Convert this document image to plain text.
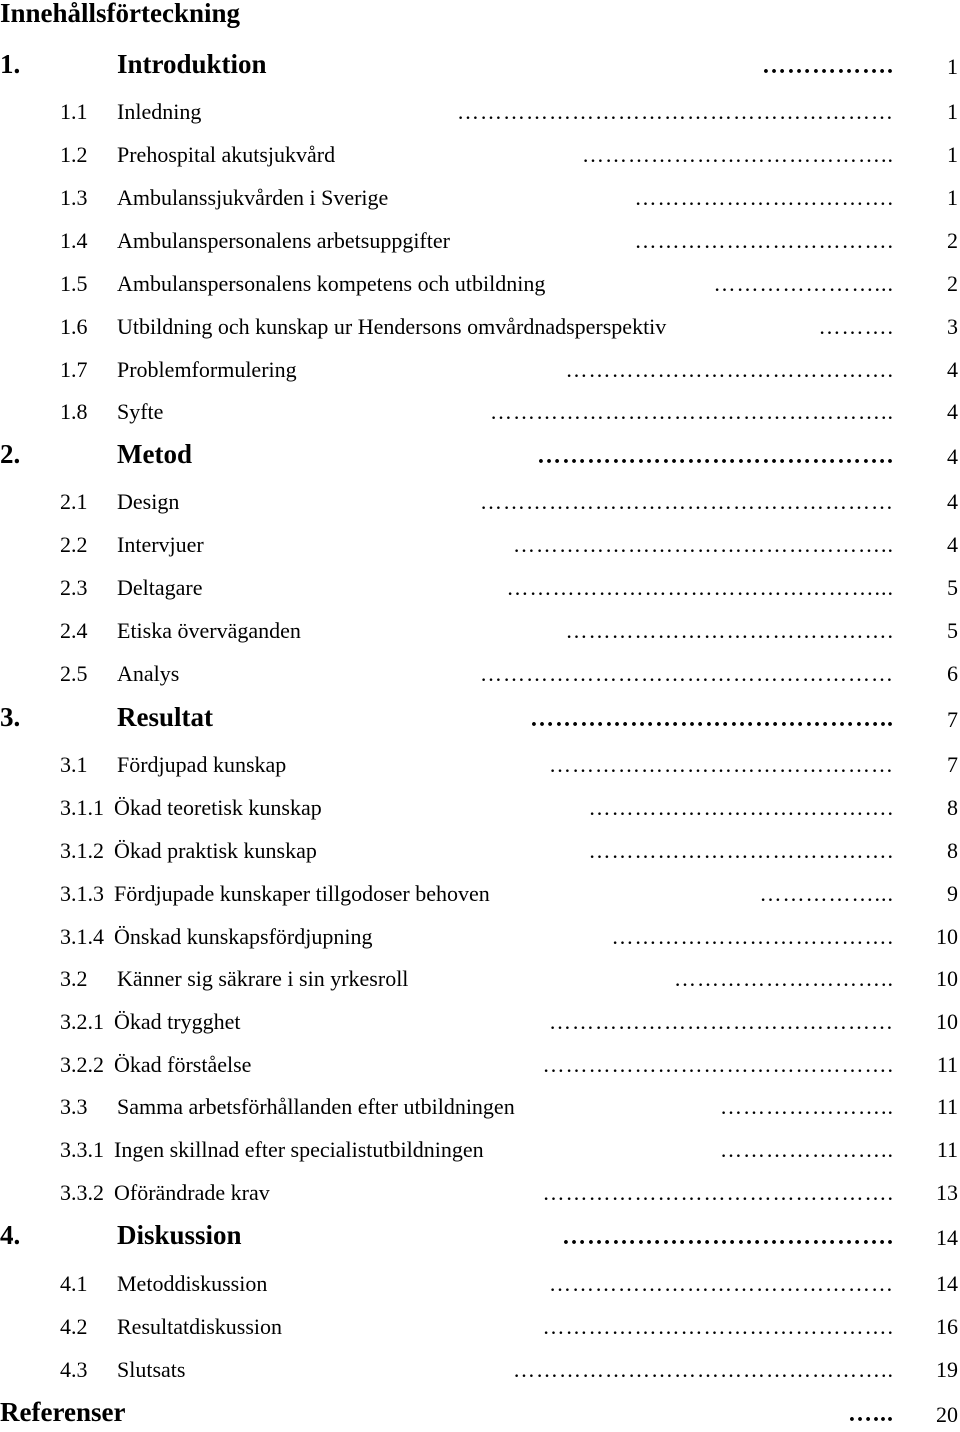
Innehållsförteckning
1.	Introduktion	……………. 1
1.1 Inledning	………………………………………………… 1
1.2 Prehospital akutsjukvård	………………………………….. 1
1.3 Ambulanssjukvården i Sverige	……………………………. 1
1.4 Ambulanspersonalens arbetsuppgifter	……………………………. 2
1.5 Ambulanspersonalens kompetens och utbildning	…………………... 2
1.6 Utbildning och kunskap ur Hendersons omvårdnadsperspektiv	………. 3
1.7 Problemformulering	……………………………………. 4
1.8 Syfte	…………………………………………….. 4
2.	Metod	……………………………………. 4
2.1 Design	……………………………………………… 4
2.2 Intervjuer	………………………………………….. 4
2.3 Deltagare	…………………………………………... 5
2.4 Etiska överväganden	……………………………………. 5
2.5 Analys	……………………………………………… 6
3.	Resultat	…………………………………….. 7
3.1 Fördjupad kunskap	……………………………………… 7
3.1.1 Ökad teoretisk kunskap	…………………………………. 8
3.1.2 Ökad praktisk kunskap	…………………………………. 8
3.1.3 Fördjupade kunskaper tillgodoser behoven	……………... 9
3.1.4 Önskad kunskapsfördjupning	………………………………. 10
3.2 Känner sig säkrare i sin yrkesroll	……………………….. 10
3.2.1 Ökad trygghet	……………………………………… 10
3.2.2 Ökad förståelse	………………………………………. 11
3.3 Samma arbetsförhållanden efter utbildningen	………………….. 11
3.3.1 Ingen skillnad efter specialistutbildningen	………………….. 11
3.3.2 Oförändrade krav	………………………………………. 13
4.	Diskussion	…………………………………. 14
4.1 Metoddiskussion	……………………………………… 14
4.2 Resultatdiskussion	………………………………………. 16
4.3 Slutsats	………………………………………….. 19
Referenser	…... 20
